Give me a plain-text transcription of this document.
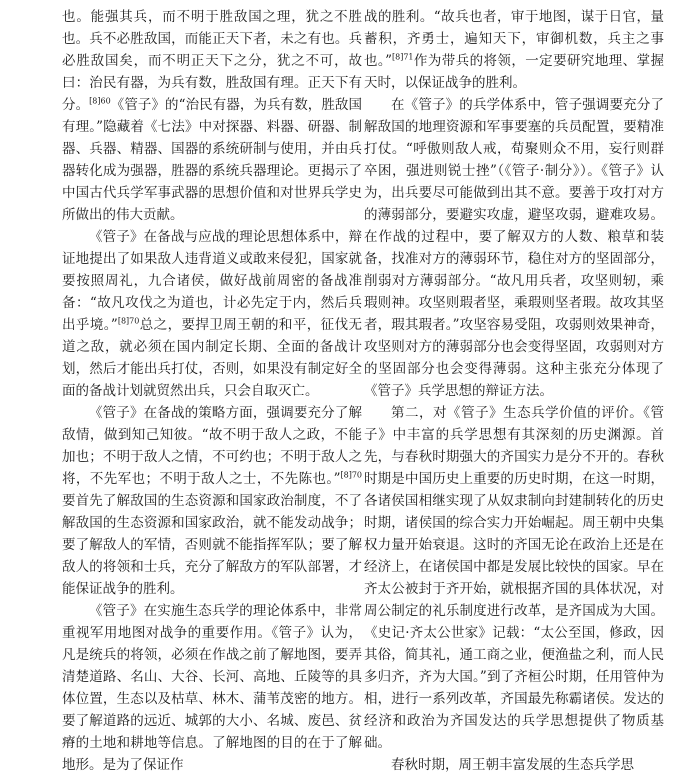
也。能强其兵，而不明于胜敌国之理，犹之不胜也。兵不必胜敌国，而能正天下者，未之有也。兵必胜敌国矣，而不明正天下之分，犹之不可，故曰：治民有器，为兵有数，胜敌国有理。正天下有分。$^{[8]60}$《管子》的“治民有器，为兵有数，胜敌国有理。”隐藏着《七法》中对探器、料器、研器、制器、兵器、精器、国器的系统研制与使用，并由兵器转化成为强器，胜器的系统兵器理论。更揭示了中国古代兵学军事武器的思想价值和对世界兵学史所做出的伟大贡献。

《管子》在备战与应战的理论思想体系中，辩证地提出了如果敌人违背道义或敢来侵犯，国家就要按照周礼，九合诸侯，做好战前周密的备战准备：“故凡攻伐之为道也，计必先定于内，然后兵出乎境。”$^{[8]70}$总之，要捍卫周王朝的和平，征伐无道之敌，就必须在国内制定长期、全面的备战计划，然后才能出兵打仗，否则，如果没有制定好全面的备战计划就贸然出兵，只会自取灭亡。

《管子》在备战的策略方面，强调要充分了解敌情，做到知己知彼。“故不明于敌人之政，不能加也；不明于敌人之情，不可约也；不明于敌人之将，不先军也；不明于敌人之士，不先陈也。”$^{[8]70}$要首先了解敌国的生态资源和国家政治制度，不了解敌国的生态资源和国家政治，就不能发动战争；要了解敌人的军情，否则就不能指挥军队；要了解敌人的将领和士兵，充分了解敌方的军队部署，才能保证战争的胜利。

《管子》在实施生态兵学的理论体系中，非常重视军用地图对战争的重要作用。《管子》认为，凡是统兵的将领，必须在作战之前了解地图，要弄清楚道路、名山、大谷、长河、高地、丘陵等的具体位置，生态以及枯草、林木、蒲苇茂密的地方。要了解道路的远近、城郭的大小、名城、废邑、贫瘠的土地和耕地等信息。了解地图的目的在于了解地形。是为了保证作

战的胜利。“故兵也者，审于地图，谋于日官，量蓄积，齐勇士，遍知天下，审御机数，兵主之事也。”$^{[8]71}$作为带兵的将领，一定要研究地理、掌握天时，以保证战争的胜利。

在《管子》的兵学体系中，管子强调要充分了解敌国的地理资源和军事要塞的兵员配置，要精准打仗。“呼傲则敌人戒，荀聚则众不用，妄行则群卒困，强进则锐士挫”（《管子·制分》）。《管子》认为，出兵要尽可能做到出其不意。要善于攻打对方的薄弱部分，要避实攻虚，避坚攻弱，避难攻易。在作战的过程中，要了解双方的人数、粮草和装备，找准对方的薄弱环节，稳住对方的坚固部分，削弱对方薄弱部分。“故凡用兵者，攻坚则轫，乘瑕则神。攻坚则瑕者坚，乘瑕则坚者瑕。故攻其坚者，瑕其瑕者。”攻坚容易受阻，攻弱则效果神奇，攻坚则对方的薄弱部分也会变得坚固，攻弱则对方的坚固部分也会变得薄弱。这种主张充分体现了《管子》兵学思想的辩证方法。

第二，对《管子》生态兵学价值的评价。《管子》中丰富的兵学思想有其深刻的历史渊源。首先，与春秋时期强大的齐国实力是分不开的。春秋时期是中国历史上重要的历史时期，在这一时期，各诸侯国相继实现了从奴隶制向封建制转化的历史时期，诸侯国的综合实力开始崛起。周王朝中央集权力量开始衰退。这时的齐国无论在政治上还是在经济上，在诸侯国中都是发展比较快的国家。早在齐太公被封于齐开始，就根据齐国的具体状况，对周公制定的礼乐制度进行改革，是齐国成为大国。《史记·齐太公世家》记载：“太公至国，修政，因其俗，简其礼，通工商之业，便渔盐之利，而人民多归齐，齐为大国。”到了齐桓公时期，任用管仲为相，进行一系列改革，齐国最先称霸诸侯。发达的经济和政治为齐国发达的兵学思想提供了物质基础。

春秋时期，周王朝丰富发展的生态兵学思
